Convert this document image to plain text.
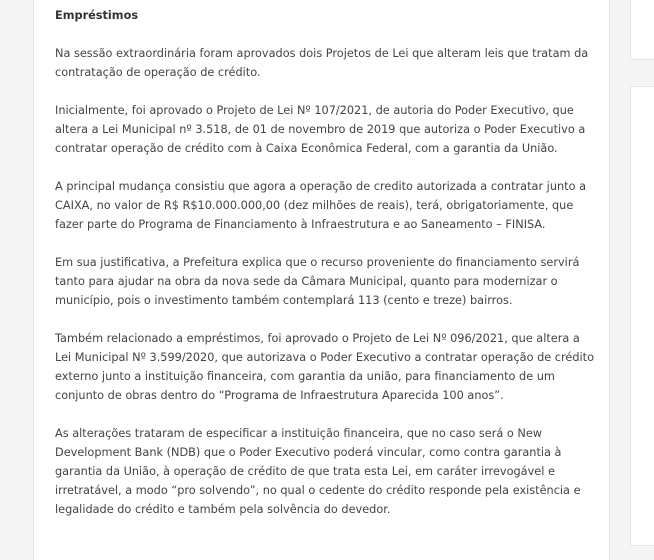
Empréstimos

Na sessão extraordinária foram aprovados dois Projetos de Lei que alteram leis que tratam da contratação de operação de crédito.

Inicialmente, foi aprovado o Projeto de Lei Nº 107/2021, de autoria do Poder Executivo, que altera a Lei Municipal nº 3.518, de 01 de novembro de 2019 que autoriza o Poder Executivo a contratar operação de crédito com à Caixa Econômica Federal, com a garantia da União.

A principal mudança consistiu que agora a operação de credito autorizada a contratar junto a CAIXA, no valor de R$ R$10.000.000,00 (dez milhões de reais), terá, obrigatoriamente, que fazer parte do Programa de Financiamento à Infraestrutura e ao Saneamento – FINISA.

Em sua justificativa, a Prefeitura explica que o recurso proveniente do financiamento servirá tanto para ajudar na obra da nova sede da Câmara Municipal, quanto para modernizar o município, pois o investimento também contemplará 113 (cento e treze) bairros.

Também relacionado a empréstimos, foi aprovado o Projeto de Lei Nº 096/2021, que altera a Lei Municipal Nº 3.599/2020, que autorizava o Poder Executivo a contratar operação de crédito externo junto a instituição financeira, com garantia da união, para financiamento de um conjunto de obras dentro do “Programa de Infraestrutura Aparecida 100 anos”.

As alterações trataram de especificar a instituição financeira, que no caso será o New Development Bank (NDB) que o Poder Executivo poderá vincular, como contra garantia à garantia da União, à operação de crédito de que trata esta Lei, em caráter irrevogável e irretratável, a modo “pro solvendo”, no qual o cedente do crédito responde pela existência e legalidade do crédito e também pela solvência do devedor.
